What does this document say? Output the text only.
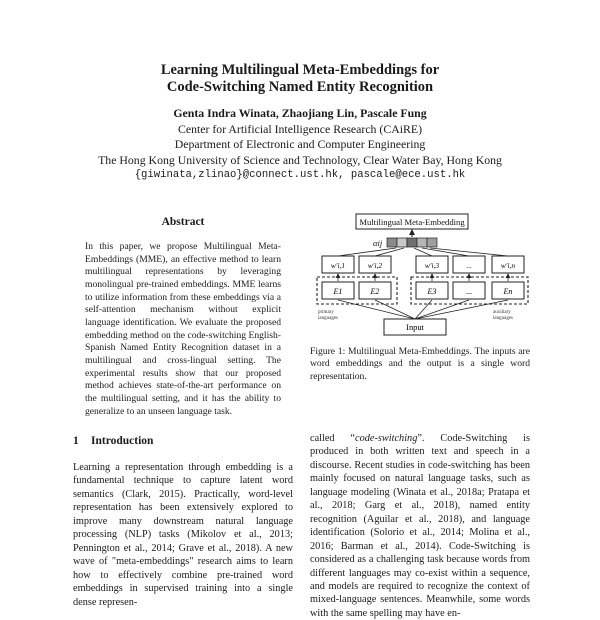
Learning Multilingual Meta-Embeddings for
Code-Switching Named Entity Recognition
Genta Indra Winata, Zhaojiang Lin, Pascale Fung
Center for Artificial Intelligence Research (CAiRE)
Department of Electronic and Computer Engineering
The Hong Kong University of Science and Technology, Clear Water Bay, Hong Kong
{giwinata,zlinao}@connect.ust.hk, pascale@ece.ust.hk
Abstract

In this paper, we propose Multilingual Meta-Embeddings (MME), an effective method to learn multilingual representations by leveraging monolingual pre-trained embeddings. MME learns to utilize information from these embeddings via a self-attention mechanism without explicit language identification. We evaluate the proposed embedding method on the code-switching English-Spanish Named Entity Recognition dataset in a multilingual and cross-lingual setting. The experimental results show that our proposed method achieves state-of-the-art performance on the multilingual setting, and it has the ability to generalize to an unseen language task.

1 Introduction

Learning a representation through embedding is a fundamental technique to capture latent word semantics (Clark, 2015). Practically, word-level representation has been extensively explored to improve many downstream natural language processing (NLP) tasks (Mikolov et al., 2013; Pennington et al., 2014; Grave et al., 2018). A new wave of "meta-embeddings" research aims to learn how to effectively combine pre-trained word embeddings in supervised training into a single dense represen-

Multilingual Meta-Embedding
αij
w′i,1	w′i,2	w′i,3	...	w′i,n
E1	E2	E3	...	En
primary
languages
auxiliary
languages
Input

Figure 1: Multilingual Meta-Embeddings. The inputs are word embeddings and the output is a single word representation.

called “code-switching”. Code-Switching is produced in both written text and speech in a discourse. Recent studies in code-switching has been mainly focused on natural language tasks, such as language modeling (Winata et al., 2018a; Pratapa et al., 2018; Garg et al., 2018), named entity recognition (Aguilar et al., 2018), and language identification (Solorio et al., 2014; Molina et al., 2016; Barman et al., 2014). Code-Switching is considered as a challenging task because words from different languages may co-exist within a sequence, and models are required to recognize the context of mixed-language sentences. Meanwhile, some words with the same spelling may have en-
